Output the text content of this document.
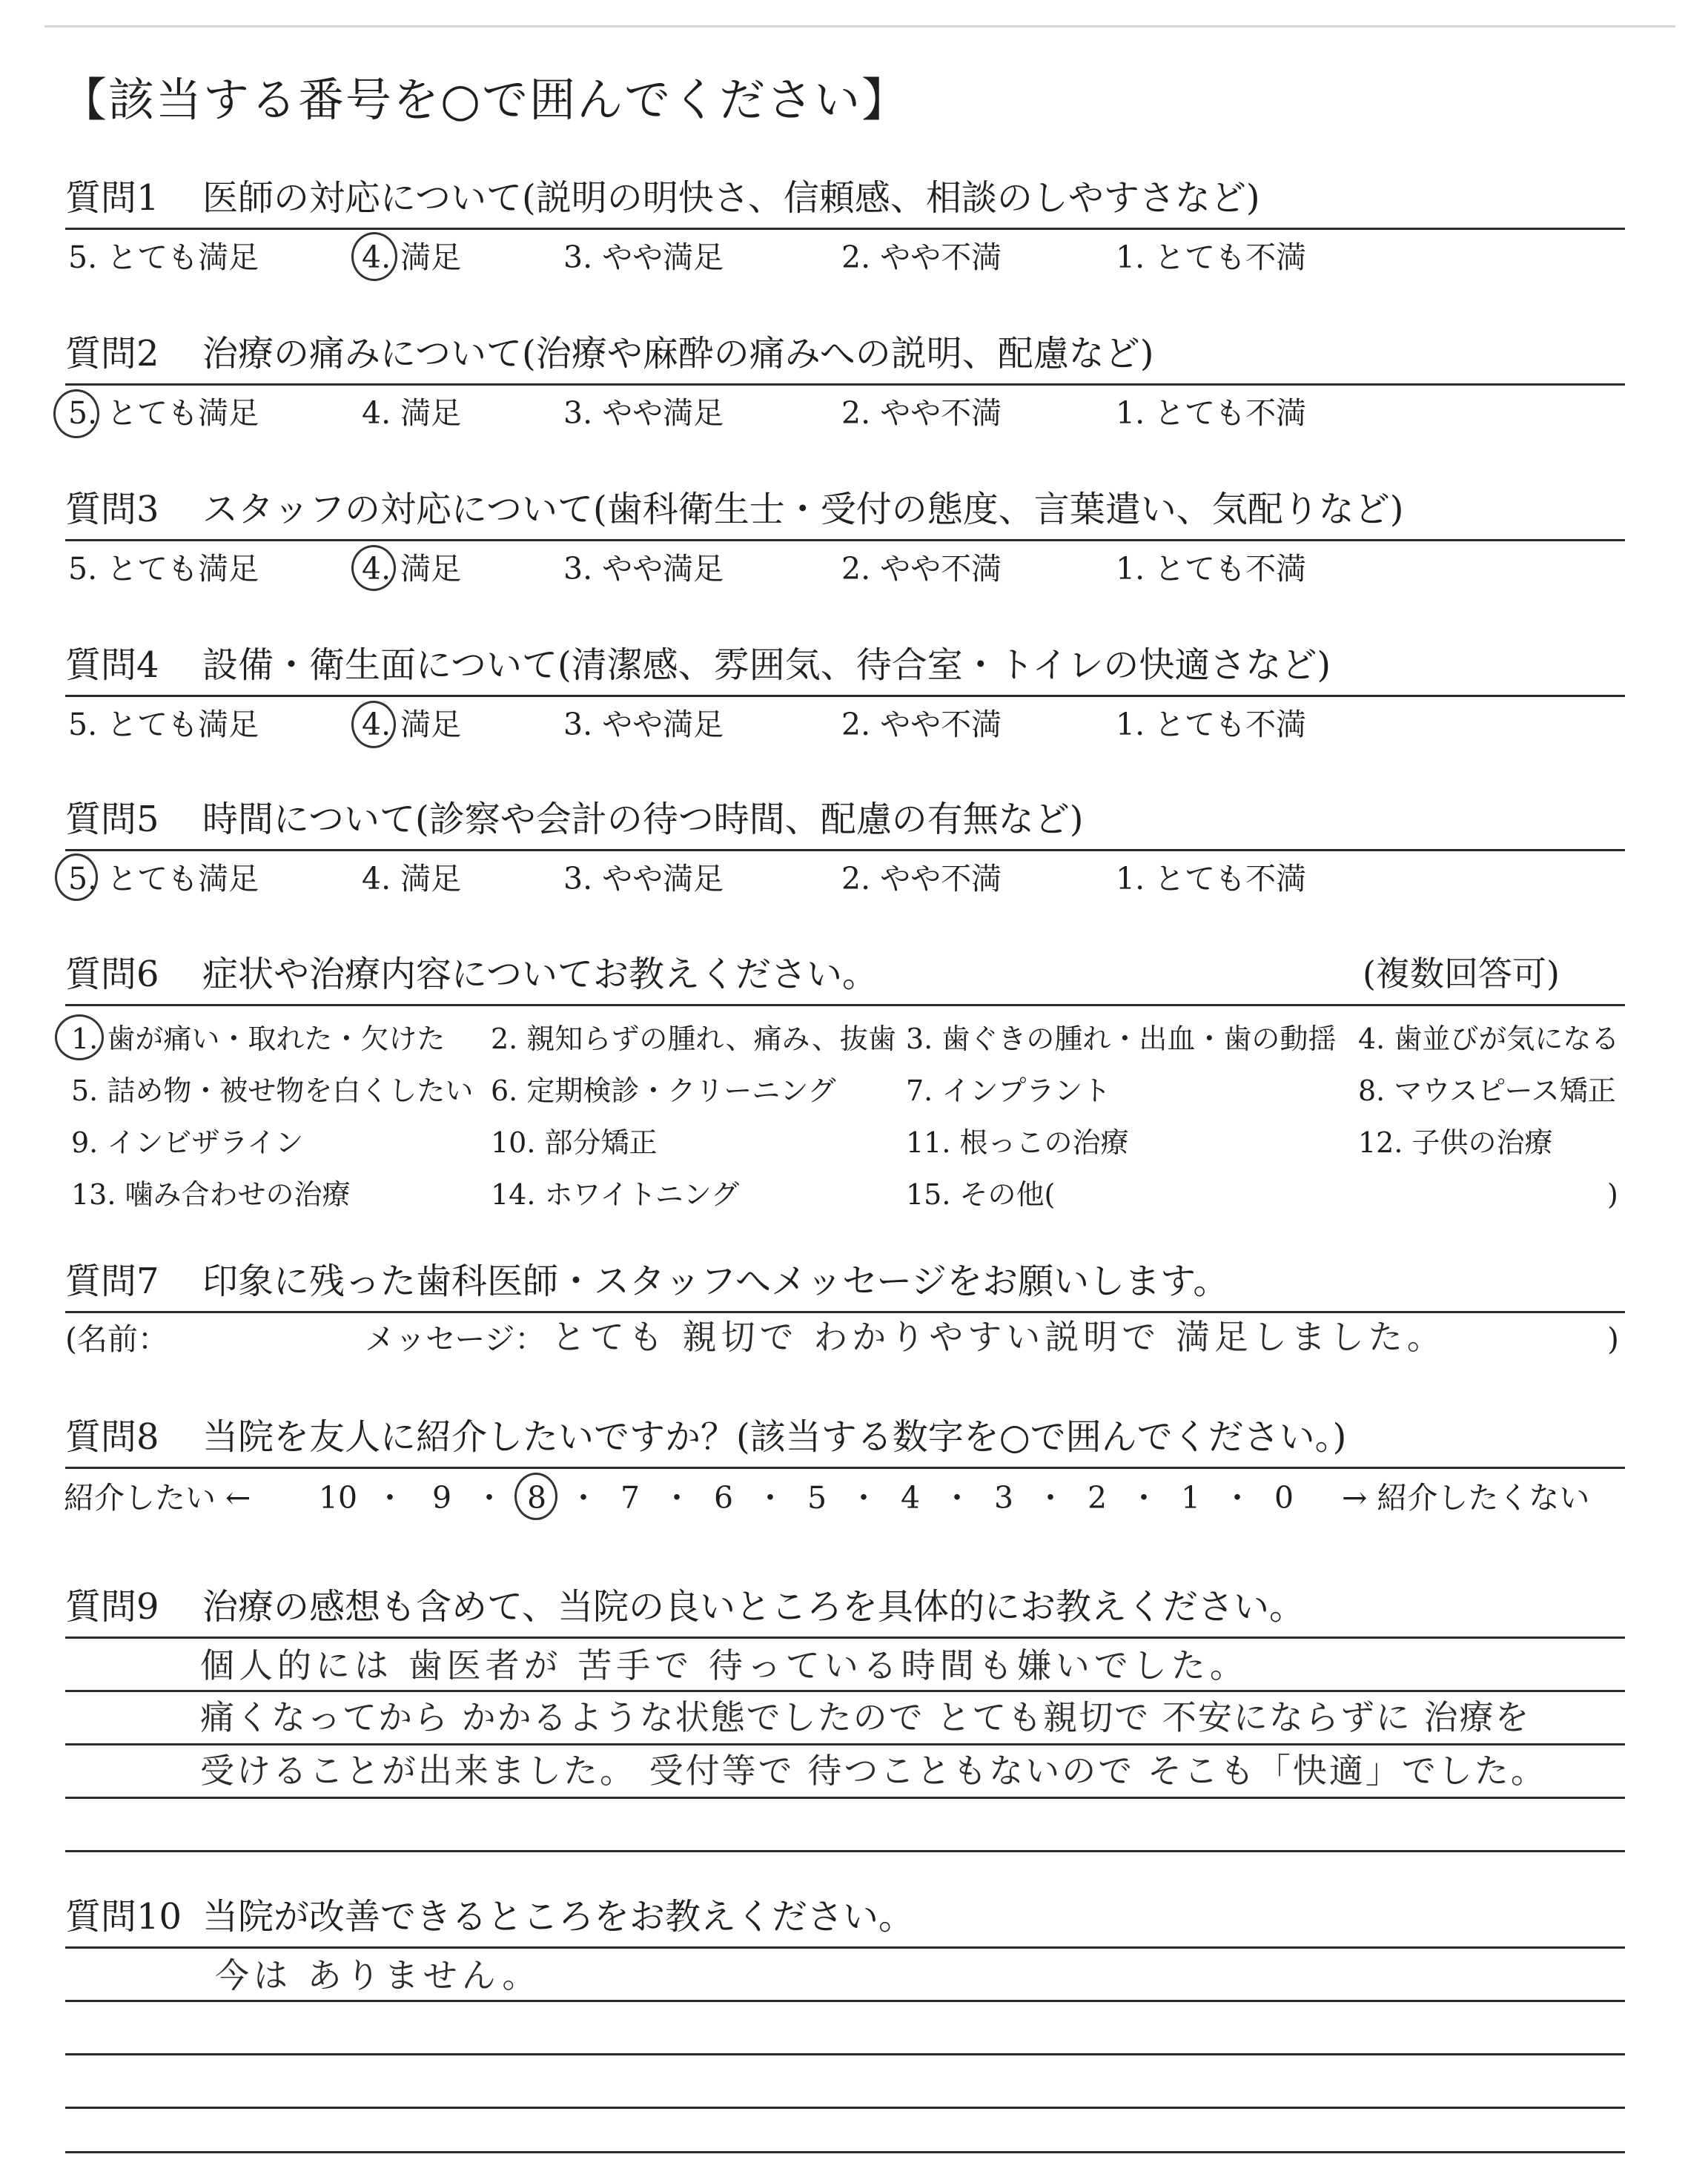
【該当する番号を○で囲んでください】
質問1 医師の対応について(説明の明快さ、信頼感、相談のしやすさなど)
5. とても満足	4. 満足	3. やや満足	2. やや不満	1. とても不満
質問2 治療の痛みについて(治療や麻酔の痛みへの説明、配慮など)
5. とても満足	4. 満足	3. やや満足	2. やや不満	1. とても不満
質問3 スタッフの対応について(歯科衛生士・受付の態度、言葉遣い、気配りなど)
5. とても満足	4. 満足	3. やや満足	2. やや不満	1. とても不満
質問4 設備・衛生面について(清潔感、雰囲気、待合室・トイレの快適さなど)
5. とても満足	4. 満足	3. やや満足	2. やや不満	1. とても不満
質問5 時間について(診察や会計の待つ時間、配慮の有無など)
5. とても満足	4. 満足	3. やや満足	2. やや不満	1. とても不満
質問6 症状や治療内容についてお教えください。	(複数回答可)
1. 歯が痛い・取れた・欠けた 2. 親知らずの腫れ、痛み、抜歯 3. 歯ぐきの腫れ・出血・歯の動揺 4. 歯並びが気になる
5. 詰め物・被せ物を白くしたい 6. 定期検診・クリーニング 7. インプラント	8. マウスピース矯正
9. インビザライン	10. 部分矯正	11. 根っこの治療	12. 子供の治療
13. 噛み合わせの治療	14. ホワイトニング	15. その他(	)
質問7 印象に残った歯科医師・スタッフへメッセージをお願いします。
(名前：	メッセージ： とても 親切で わかりやすい説明で 満足しました。	)
質問8 当院を友人に紹介したいですか？(該当する数字を○で囲んでください。)
紹介したい ←	→ 紹介したくない
10 ・ 9 ・ 8 ・ 7 ・ 6 ・ 5 ・ 4 ・ 3 ・ 2 ・ 1 ・ 0
質問9 治療の感想も含めて、当院の良いところを具体的にお教えください。
個人的には 歯医者が 苦手で 待っている時間も嫌いでした。
痛くなってから かかるような状態でしたので とても親切で 不安にならずに 治療を
受けることが出来ました。 受付等で 待つこともないので そこも「快適」でした。
質問10 当院が改善できるところをお教えください。
今は ありません。
